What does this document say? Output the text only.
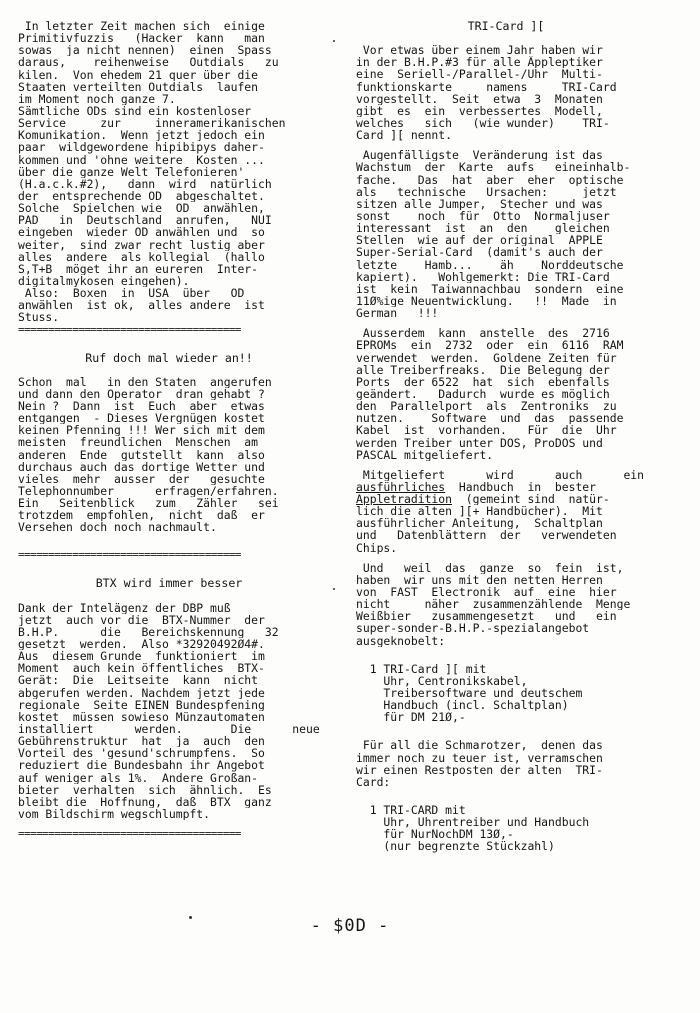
In letzter Zeit machen sich  einige
Primitivfuzzis   (Hacker  kann   man
sowas  ja nicht nennen)  einen  Spass
daraus,    reihenweise   Outdials   zu
kilen.  Von ehedem 21 quer über die
Staaten verteilten Outdials  laufen
im Moment noch ganze 7.
Sämtliche ODs sind ein kostenloser
Service     zur     inneramerikanischen
Komunikation.  Wenn jetzt jedoch ein
paar  wildgewordene hipibipys daher-
kommen und 'ohne weitere  Kosten ...
über die ganze Welt Telefonieren'
(H.a.c.k.#2),   dann  wird  natürlich
der  entsprechende OD  abgeschaltet.
Solche  Spielchen wie  OD  anwählen,
PAD   in  Deutschland  anrufen,   NUI
eingeben  wieder OD anwählen und  so
weiter,  sind zwar recht lustig aber
alles  andere  als kollegial  (hallo
S,T+B  möget ihr an eureren  Inter-
digitalmykosen eingehen).
Also:  Boxen  in  USA  über   OD
anwählen  ist ok,  alles andere  ist
Stuss.
=====================================
Ruf doch mal wieder an!!
Schon  mal   in den Staten  angerufen
und dann den Operator  dran gehabt ?
Nein ?  Dann  ist  Euch  aber  etwas
entgangen  - Dieses Vergnügen kostet
keinen Pfenning !!! Wer sich mit dem
meisten  freundlichen  Menschen  am
anderen  Ende  gutstellt  kann  also
durchaus auch das dortige Wetter und
vieles  mehr  ausser  der   gesuchte
Telephonnumber      erfragen/erfahren.
Ein   Seitenblick   zum   Zähler   sei
trotzdem  empfohlen,  nicht  daß  er
Versehen doch noch nachmault.
=====================================
BTX wird immer besser
Dank der Intelägenz der DBP muß
jetzt  auch vor die  BTX-Nummer  der
B.H.P.      die   Bereichskennung   32
gesetzt  werden.  Also *32920492Ø4#.
Aus  diesem Grunde  funktioniert  im
Moment  auch kein öffentliches  BTX-
Gerät:  Die  Leitseite  kann  nicht
abgerufen werden. Nachdem jetzt jede
regionale  Seite EINEN Bundespfening
kostet  müssen sowieso Münzautomaten
installiert      werden.       Die      neue
Gebührenstruktur  hat  ja  auch  den
Vorteil des 'gesund'schrumpfens.  So
reduziert die Bundesbahn ihr Angebot
auf weniger als 1%.  Andere Großan-
bieter  verhalten  sich  ähnlich.  Es
bleibt die  Hoffnung,  daß  BTX  ganz
vom Bildschirm wegschlumpft.
=====================================
TRI-Card ][
Vor etwas über einem Jahr haben wir
in der B.H.P.#3 für alle Äppleptiker
eine  Seriell-/Parallel-/Uhr  Multi-
funktionskarte     namens     TRI-Card
vorgestellt.  Seit  etwa  3  Monaten
gibt  es  ein  verbessertes  Modell,
welches   sich   (wie wunder)    TRI-
Card ][ nennt.
Augenfälligste  Veränderung ist das
Wachstum  der  Karte  aufs   eineinhalb-
fache.   Das  hat  aber  eher  optische
als   technische   Ursachen:     jetzt
sitzen alle Jumper,  Stecher und was
sonst    noch  für  Otto  Normaljuser
interessant  ist  an  den    gleichen
Stellen  wie auf der original  APPLE
Super-Serial-Card  (damit's auch der
letzte    Hamb...    äh    Norddeutsche
kapiert).   Wohlgemerkt: Die TRI-Card
ist  kein  Taiwannachbau  sondern  eine
11Ø%ige Neuentwicklung.   !!  Made  in
German   !!!
Ausserdem  kann  anstelle  des  2716
EPROMs  ein  2732  oder  ein  6116  RAM
verwendet  werden.  Goldene Zeiten für
alle Treiberfreaks.  Die Belegung der
Ports  der 6522  hat  sich  ebenfalls
geändert.   Dadurch  wurde es möglich
den  Parallelport  als  Zentroniks  zu
nutzen.    Software  und  das  passende
Kabel  ist  vorhanden.   Für  die  Uhr
werden Treiber unter DOS, ProDOS und
PASCAL mitgeliefert.
Mitgeliefert      wird      auch      ein
ausführliches  Handbuch  in  bester
Appletradition  (gemeint sind  natür-
lich die alten ][+ Handbücher).  Mit
ausführlicher Anleitung,  Schaltplan
und   Datenblättern  der   verwendeten
Chips.
Und   weil  das  ganze  so  fein  ist,
haben  wir uns mit den netten Herren
von  FAST  Electronik  auf  eine  hier
nicht     näher  zusammenzählende  Menge
Weißbier   zusammengesetzt   und   ein
super-sonder-B.H.P.-spezialangebot
ausgeknobelt:
1 TRI-Card ][ mit
Uhr, Centronikskabel,
Treibersoftware und deutschem
Handbuch (incl. Schaltplan)
für DM 21Ø,-
Für all die Schmarotzer,  denen das
immer noch zu teuer ist, verramschen
wir einen Restposten der alten  TRI-
Card:
1 TRI-CARD mit
Uhr, Uhrentreiber und Handbuch
für NurNochDM 13Ø,-
(nur begrenzte Stückzahl)
- $0D -
